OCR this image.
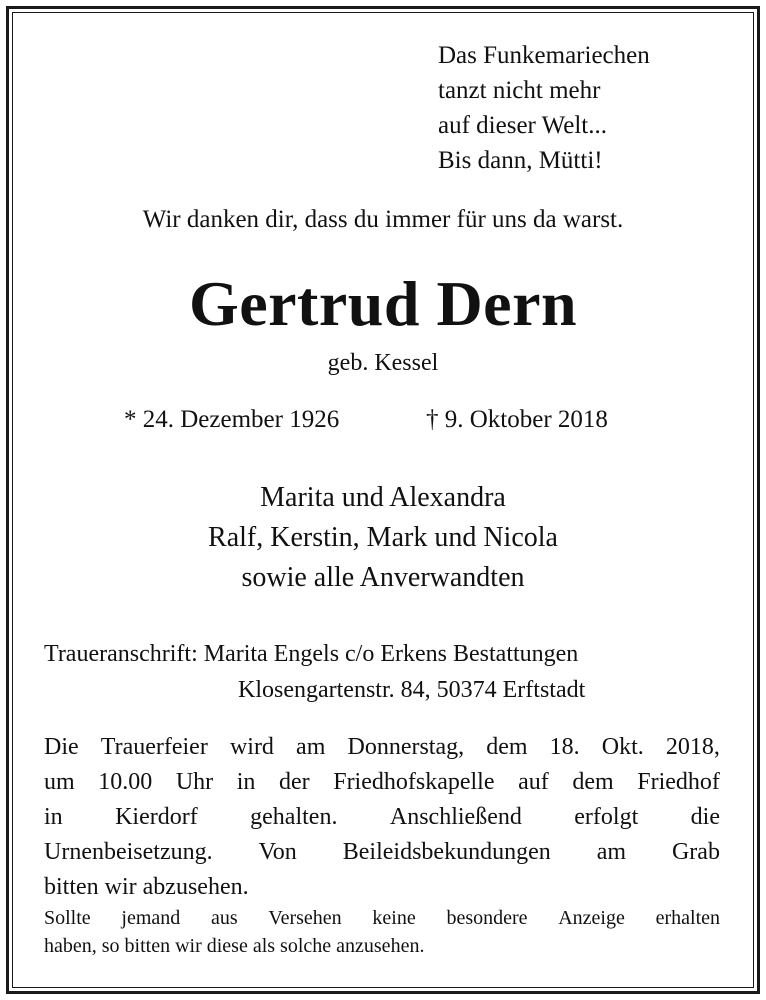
Das Funkemariechen
tanzt nicht mehr
auf dieser Welt...
Bis dann, Mütti!
Wir danken dir, dass du immer für uns da warst.
Gertrud Dern
geb. Kessel
* 24. Dezember 1926	† 9. Oktober 2018
Marita und Alexandra
Ralf, Kerstin, Mark und Nicola
sowie alle Anverwandten
Traueranschrift: Marita Engels c/o Erkens Bestattungen
Klosengartenstr. 84, 50374 Erftstadt
Die Trauerfeier wird am Donnerstag, dem 18. Okt. 2018,
um 10.00 Uhr in der Friedhofskapelle auf dem Friedhof
in Kierdorf gehalten. Anschließend erfolgt die
Urnenbeisetzung. Von Beileidsbekundungen am Grab
bitten wir abzusehen.
Sollte jemand aus Versehen keine besondere Anzeige erhalten
haben, so bitten wir diese als solche anzusehen.
